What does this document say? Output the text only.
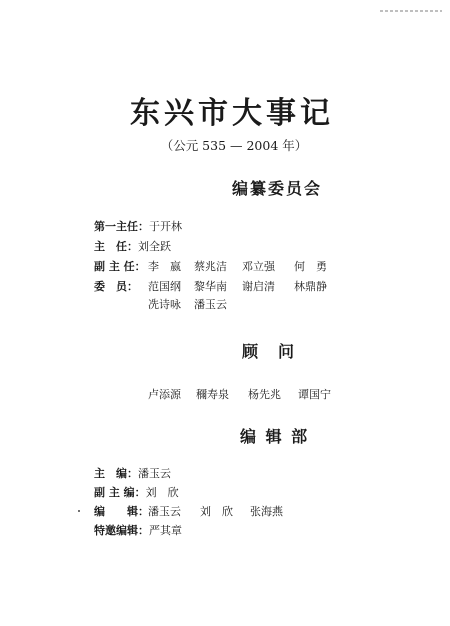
东兴市大事记
（公元 535 — 2004 年）
编纂委员会
第一主任：于开林
主　任：刘全跃
副 主 任： 李　嬴 蔡兆洁 邓立强 何　勇
委　员： 范国纲 黎华南 谢启清 林鼎静
冼诗咏 潘玉云
顾　问
卢添源 穪寿泉 杨先兆 谭国宁
编 辑 部
主　编：潘玉云
副 主 编：刘　欣
编　　辑： 潘玉云 刘　欣 张海燕
特邀编辑：严其章
